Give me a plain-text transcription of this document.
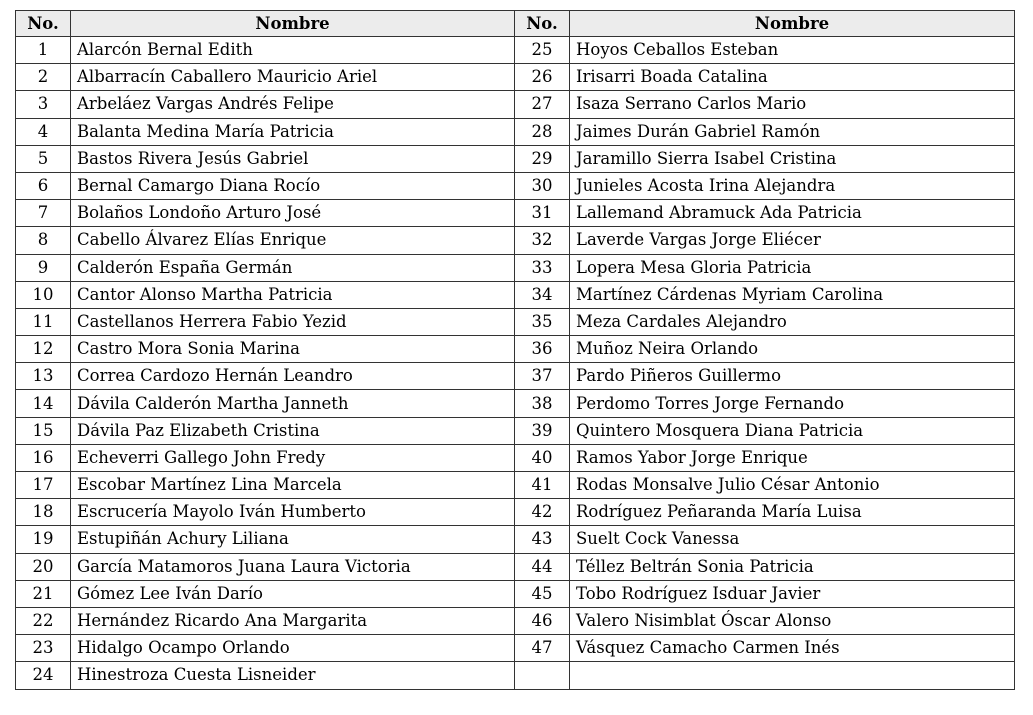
No.	Nombre	No.	Nombre
1	Alarcón Bernal Edith	25	Hoyos Ceballos Esteban
2	Albarracín Caballero Mauricio Ariel	26	Irisarri Boada Catalina
3	Arbeláez Vargas Andrés Felipe	27	Isaza Serrano Carlos Mario
4	Balanta Medina María Patricia	28	Jaimes Durán Gabriel Ramón
5	Bastos Rivera Jesús Gabriel	29	Jaramillo Sierra Isabel Cristina
6	Bernal Camargo Diana Rocío	30	Junieles Acosta Irina Alejandra
7	Bolaños Londoño Arturo José	31	Lallemand Abramuck Ada Patricia
8	Cabello Álvarez Elías Enrique	32	Laverde Vargas Jorge Eliécer
9	Calderón España Germán	33	Lopera Mesa Gloria Patricia
10	Cantor Alonso Martha Patricia	34	Martínez Cárdenas Myriam Carolina
11	Castellanos Herrera Fabio Yezid	35	Meza Cardales Alejandro
12	Castro Mora Sonia Marina	36	Muñoz Neira Orlando
13	Correa Cardozo Hernán Leandro	37	Pardo Piñeros Guillermo
14	Dávila Calderón Martha Janneth	38	Perdomo Torres Jorge Fernando
15	Dávila Paz Elizabeth Cristina	39	Quintero Mosquera Diana Patricia
16	Echeverri Gallego John Fredy	40	Ramos Yabor Jorge Enrique
17	Escobar Martínez Lina Marcela	41	Rodas Monsalve Julio César Antonio
18	Escrucería Mayolo Iván Humberto	42	Rodríguez Peñaranda María Luisa
19	Estupiñán Achury Liliana	43	Suelt Cock Vanessa
20	García Matamoros Juana Laura Victoria	44	Téllez Beltrán Sonia Patricia
21	Gómez Lee Iván Darío	45	Tobo Rodríguez Isduar Javier
22	Hernández Ricardo Ana Margarita	46	Valero Nisimblat Óscar Alonso
23	Hidalgo Ocampo Orlando	47	Vásquez Camacho Carmen Inés
24	Hinestroza Cuesta Lisneider		
